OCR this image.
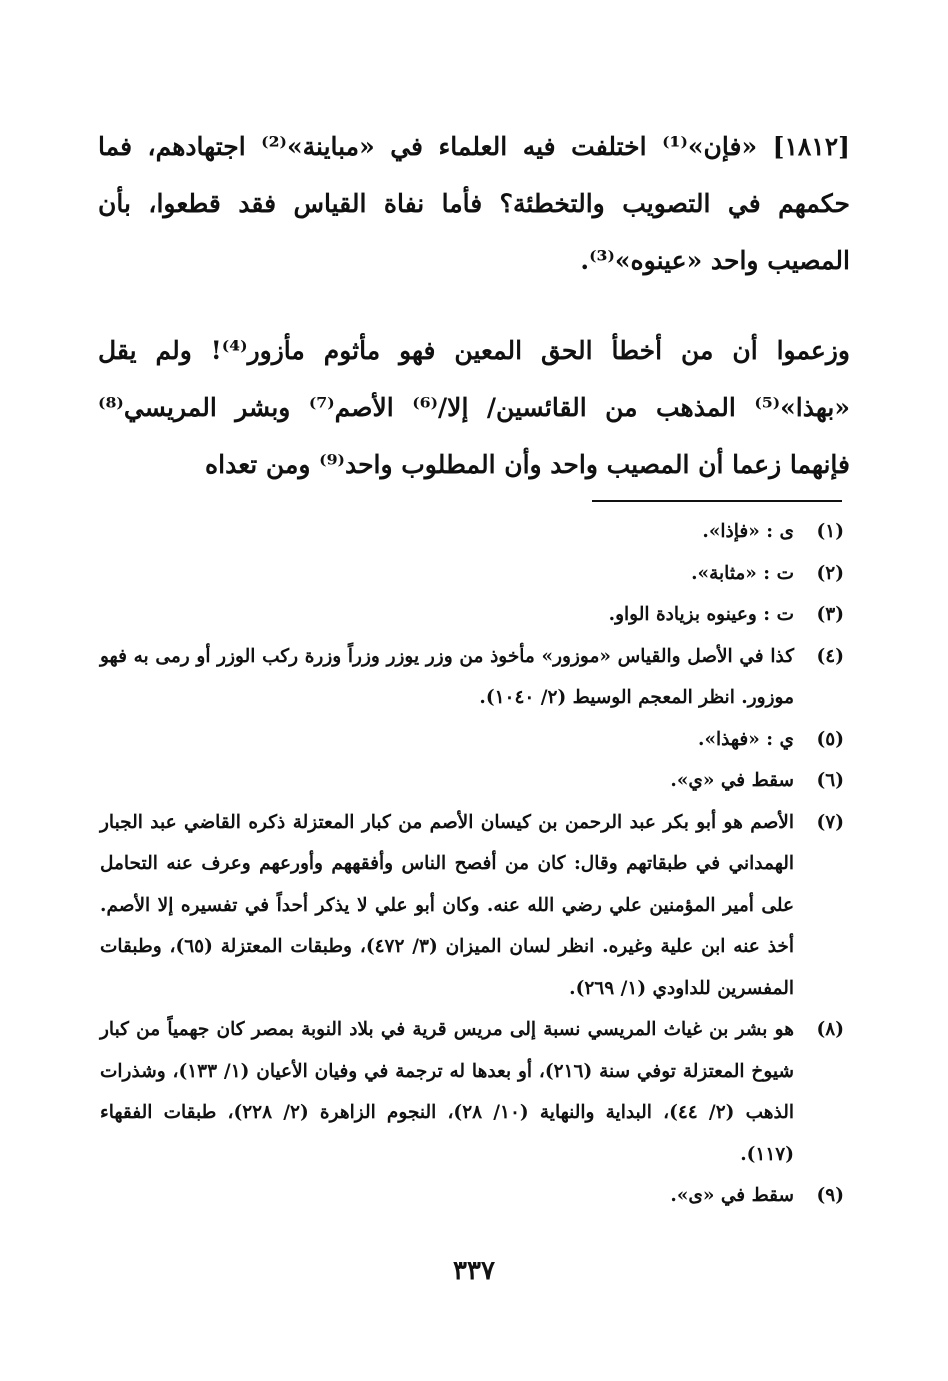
[١٨١٢] «فإن»⁽¹⁾ اختلفت فيه العلماء في «مباينة»⁽²⁾ اجتهادهم، فما حكمهم في التصويب والتخطئة؟ فأما نفاة القياس فقد قطعوا، بأن المصيب واحد «عينوه»⁽³⁾.

وزعموا أن من أخطأ الحق المعين فهو مأثوم مأزور⁽⁴⁾! ولم يقل «بهذا»⁽⁵⁾ المذهب من القائسين/ إلا/⁽⁶⁾ الأصم⁽⁷⁾ وبشر المريسي⁽⁸⁾ فإنهما زعما أن المصيب واحد وأن المطلوب واحد⁽⁹⁾ ومن تعداه

(١)
ى : «فإذا».
(٢)
ت : «مثابة».
(٣)
ت : وعينوه بزيادة الواو.
(٤)
كذا في الأصل والقياس «موزور» مأخوذ من وزر يوزر وزراً وزرة ركب الوزر أو رمى به فهو موزور. انظر المعجم الوسيط (٢/ ١٠٤٠).
(٥)
ي : «فهذا».
(٦)
سقط في «ي».
(٧)
الأصم هو أبو بكر عبد الرحمن بن كيسان الأصم من كبار المعتزلة ذكره القاضي عبد الجبار الهمداني في طبقاتهم وقال: كان من أفصح الناس وأفقههم وأورعهم وعرف عنه التحامل على أمير المؤمنين علي رضي الله عنه. وكان أبو علي لا يذكر أحداً في تفسيره إلا الأصم. أخذ عنه ابن علية وغيره. انظر لسان الميزان (٣/ ٤٧٢)، وطبقات المعتزلة (٦٥)، وطبقات المفسرين للداودي (١/ ٢٦٩).
(٨)
هو بشر بن غياث المريسي نسبة إلى مريس قرية في بلاد النوبة بمصر كان جهمياً من كبار شيوخ المعتزلة توفي سنة (٢١٦)، أو بعدها له ترجمة في وفيان الأعيان (١/ ١٣٣)، وشذرات الذهب (٢/ ٤٤)، البداية والنهاية (١٠/ ٢٨)، النجوم الزاهرة (٢/ ٢٢٨)، طبقات الفقهاء (١١٧).
(٩)
سقط في «ى».
٣٣٧
